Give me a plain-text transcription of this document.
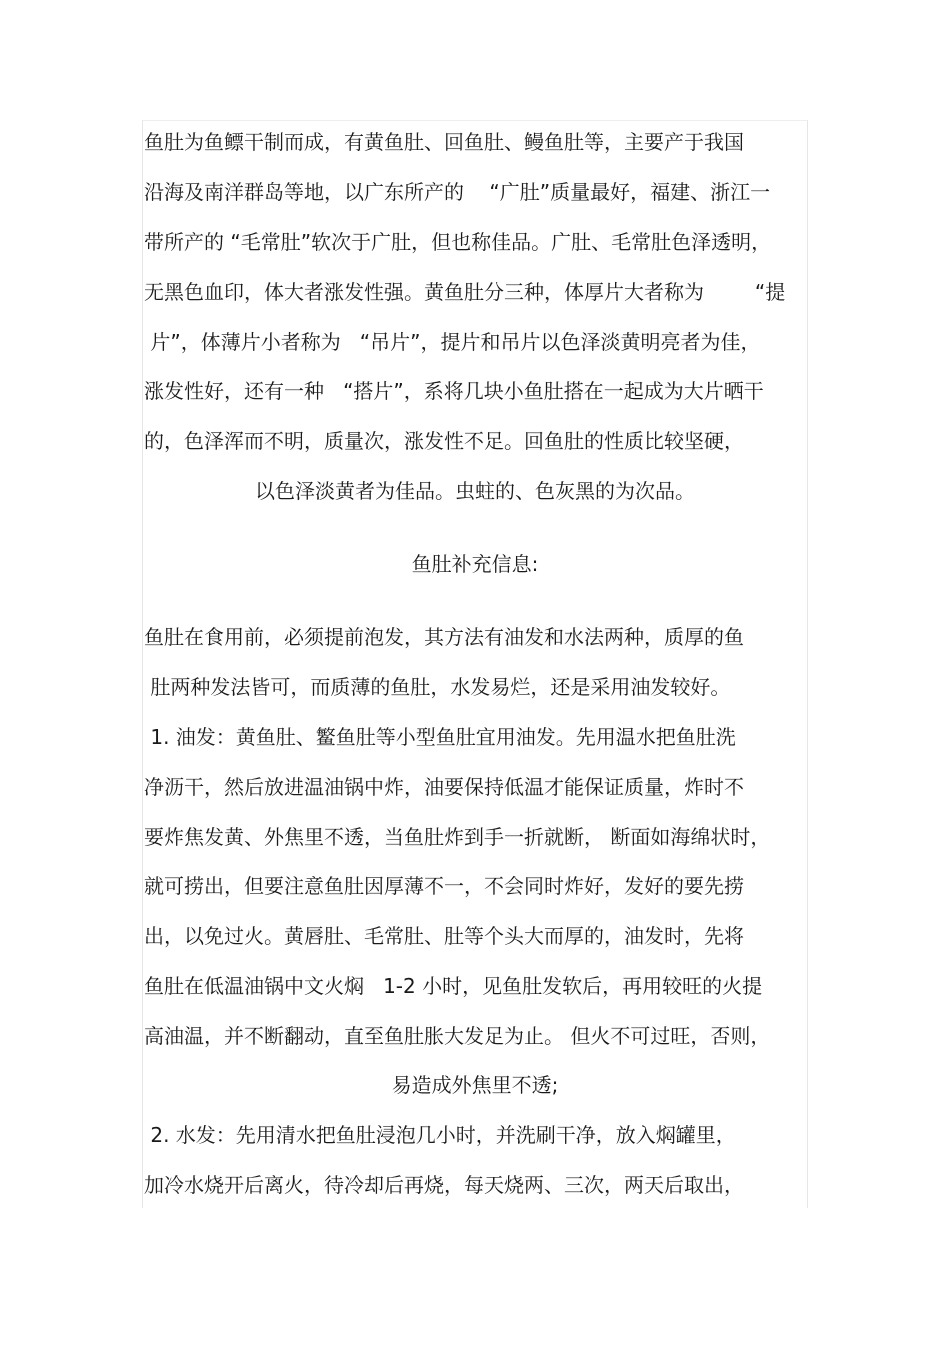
鱼肚为鱼鳔干制而成，有黄鱼肚、回鱼肚、鳗鱼肚等，主要产于我国
沿海及南洋群岛等地，以广东所产的    “广肚”质量最好，福建、浙江一
带所产的 “毛常肚”软次于广肚，但也称佳品。广肚、毛常肚色泽透明，
无黑色血印，体大者涨发性强。黄鱼肚分三种，体厚片大者称为        “提
片”，体薄片小者称为   “吊片”，提片和吊片以色泽淡黄明亮者为佳，
涨发性好，还有一种   “搭片”，系将几块小鱼肚搭在一起成为大片晒干
的，色泽浑而不明，质量次，涨发性不足。回鱼肚的性质比较坚硬，
以色泽淡黄者为佳品。虫蛀的、色灰黑的为次品。
鱼肚补充信息:
鱼肚在食用前，必须提前泡发，其方法有油发和水法两种，质厚的鱼
肚两种发法皆可，而质薄的鱼肚，水发易烂，还是采用油发较好。
1. 油发：黄鱼肚、鳘鱼肚等小型鱼肚宜用油发。先用温水把鱼肚洗
净沥干，然后放进温油锅中炸，油要保持低温才能保证质量，炸时不
要炸焦发黄、外焦里不透，当鱼肚炸到手一折就断， 断面如海绵状时，
就可捞出，但要注意鱼肚因厚薄不一，不会同时炸好，发好的要先捞
出，以免过火。黄唇肚、毛常肚、肚等个头大而厚的，油发时，先将
鱼肚在低温油锅中文火焖   1-2 小时，见鱼肚发软后，再用较旺的火提
高油温，并不断翻动，直至鱼肚胀大发足为止。 但火不可过旺，否则，
易造成外焦里不透;
2. 水发：先用清水把鱼肚浸泡几小时，并洗刷干净，放入焖罐里，
加冷水烧开后离火，待冷却后再烧，每天烧两、三次，两天后取出，
